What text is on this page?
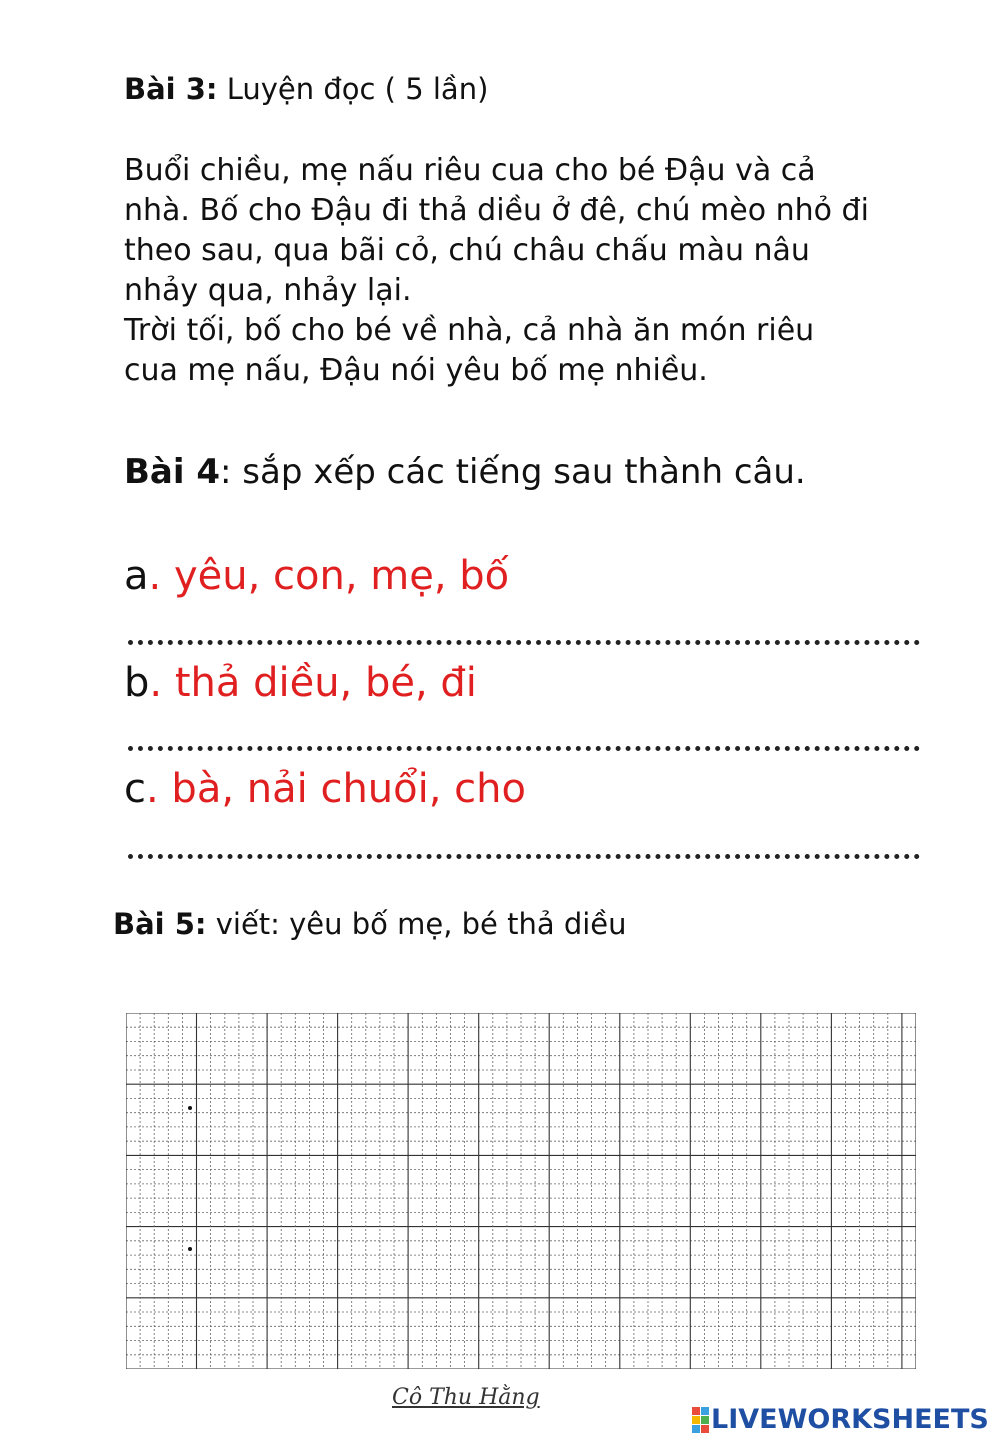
Bài 3: Luyện đọc ( 5 lần)

Buổi chiều, mẹ nấu riêu cua cho bé Đậu và cả

nhà. Bố cho Đậu đi thả diều ở đê, chú mèo nhỏ đi

theo sau, qua bãi cỏ, chú châu chấu màu nâu

nhảy qua, nhảy lại.

Trời tối, bố cho bé về nhà, cả nhà ăn món riêu

cua mẹ nấu, Đậu nói yêu bố mẹ nhiều.

Bài 4: sắp xếp các tiếng sau thành câu.
a. yêu, con, mẹ, bố
b. thả diều, bé, đi
c. bà, nải chuổi, cho
Bài 5: viết: yêu bố mẹ, bé thả diều
Cô Thu Hằng
LIVEWORKSHEETS
